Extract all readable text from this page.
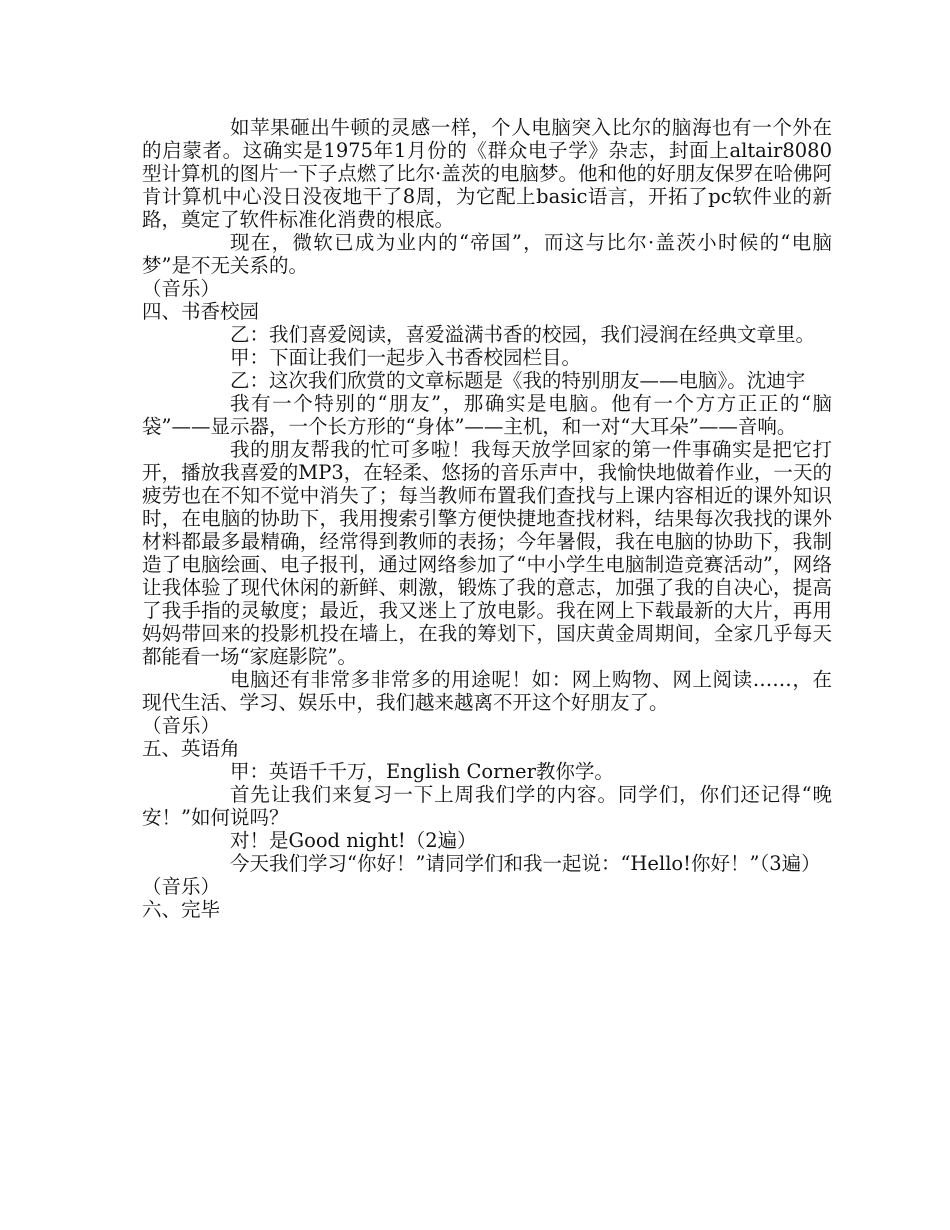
如苹果砸出牛顿的灵感一样，个人电脑突入比尔的脑海也有一个外在的启蒙者。这确实是1975年1月份的《群众电子学》杂志，封面上altair8080型计算机的图片一下子点燃了比尔·盖茨的电脑梦。他和他的好朋友保罗在哈佛阿肯计算机中心没日没夜地干了8周，为它配上basic语言，开拓了pc软件业的新路，奠定了软件标准化消费的根底。

现在，微软已成为业内的“帝国”，而这与比尔·盖茨小时候的“电脑梦”是不无关系的。

（音乐）

四、书香校园

乙：我们喜爱阅读，喜爱溢满书香的校园，我们浸润在经典文章里。

甲：下面让我们一起步入书香校园栏目。

乙：这次我们欣赏的文章标题是《我的特别朋友——电脑》。沈迪宇

我有一个特别的“朋友”，那确实是电脑。他有一个方方正正的“脑袋”——显示器，一个长方形的“身体”——主机，和一对“大耳朵”——音响。

我的朋友帮我的忙可多啦！我每天放学回家的第一件事确实是把它打开，播放我喜爱的MP3，在轻柔、悠扬的音乐声中，我愉快地做着作业，一天的疲劳也在不知不觉中消失了；每当教师布置我们查找与上课内容相近的课外知识时，在电脑的协助下，我用搜索引擎方便快捷地查找材料，结果每次我找的课外材料都最多最精确，经常得到教师的表扬；今年暑假，我在电脑的协助下，我制造了电脑绘画、电子报刊，通过网络参加了“中小学生电脑制造竞赛活动”，网络让我体验了现代休闲的新鲜、刺激，锻炼了我的意志，加强了我的自决心，提高了我手指的灵敏度；最近，我又迷上了放电影。我在网上下载最新的大片，再用妈妈带回来的投影机投在墙上，在我的筹划下，国庆黄金周期间，全家几乎每天都能看一场“家庭影院”。

电脑还有非常多非常多的用途呢！如：网上购物、网上阅读……，在现代生活、学习、娱乐中，我们越来越离不开这个好朋友了。

（音乐）

五、英语角

甲：英语千千万，English Corner教你学。

首先让我们来复习一下上周我们学的内容。同学们，你们还记得“晚安！”如何说吗？

对！是Good night!（2遍）

今天我们学习“你好！”请同学们和我一起说：“Hello!你好！”（3遍）

（音乐）

六、完毕
